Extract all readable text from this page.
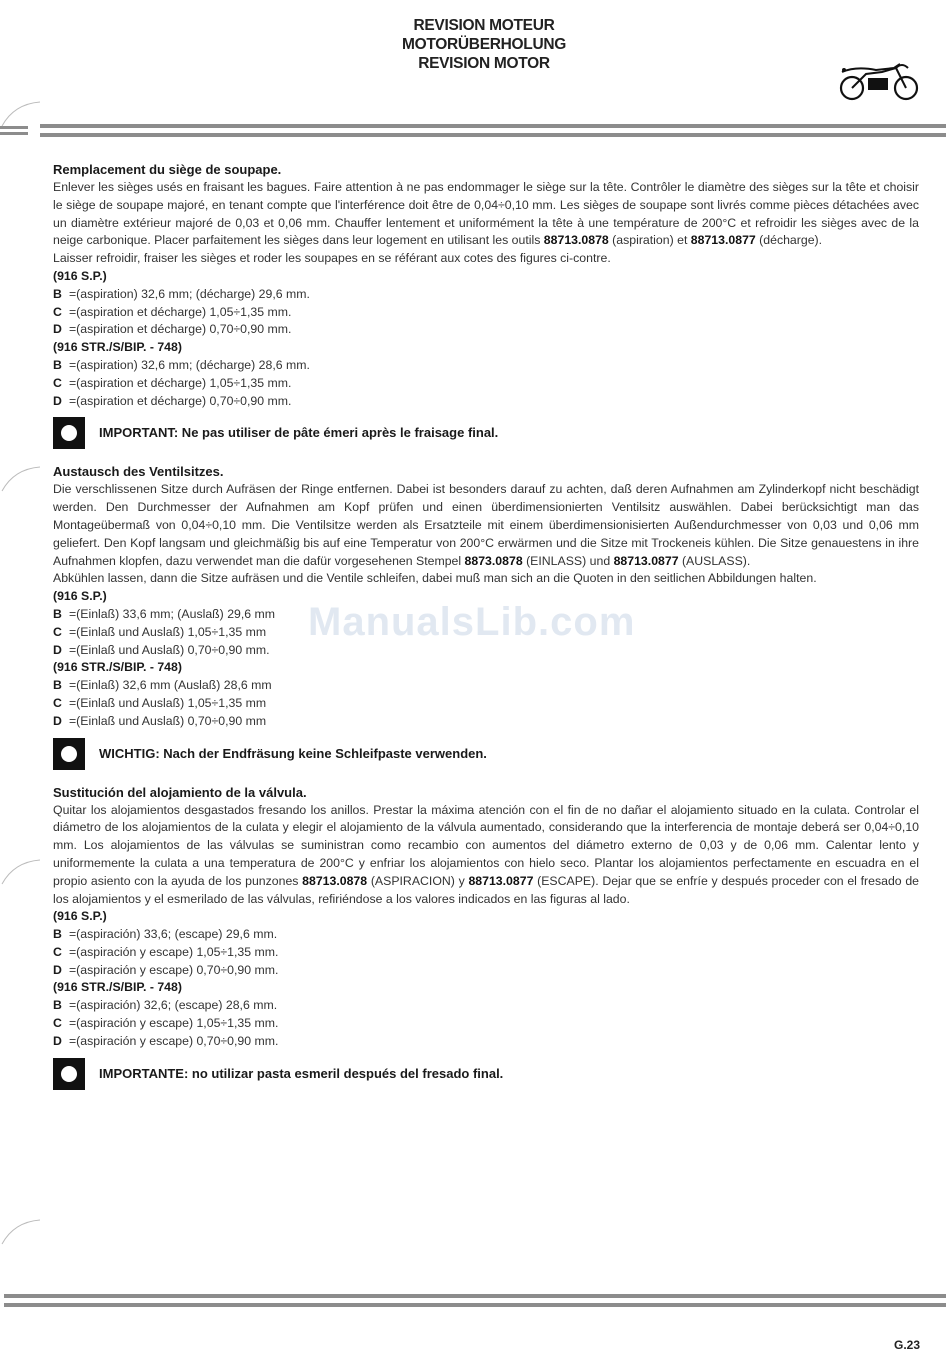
REVISION MOTEUR
MOTORÜBERHOLUNG
REVISION MOTOR
ManualsLib.com

Remplacement du siège de soupape.

Enlever les sièges usés en fraisant les bagues. Faire attention à ne pas endommager le siège sur la tête. Contrôler le diamètre des sièges sur la tête et choisir le siège de soupape majoré, en tenant compte que l'interférence doit être de 0,04÷0,10 mm. Les sièges de soupape sont livrés comme pièces détachées avec un diamètre extérieur majoré de 0,03 et 0,06 mm. Chauffer lentement et uniformément la tête à une température de 200°C et refroidir les sièges avec de la neige carbonique. Placer parfaitement les sièges dans leur logement en utilisant les outils 88713.0878 (aspiration) et 88713.0877 (décharge).

Laisser refroidir, fraiser les sièges et roder les soupapes en se référant aux cotes des figures ci-contre.

(916 S.P.)

B =(aspiration) 32,6 mm; (décharge) 29,6 mm.

C =(aspiration et décharge) 1,05÷1,35 mm.

D =(aspiration et décharge) 0,70÷0,90 mm.

(916 STR./S/BIP. - 748)

B =(aspiration) 32,6 mm; (décharge) 28,6 mm.

C =(aspiration et décharge) 1,05÷1,35 mm.

D =(aspiration et décharge) 0,70÷0,90 mm.

IMPORTANT: Ne pas utiliser de pâte émeri après le fraisage final.

Austausch des Ventilsitzes.

Die verschlissenen Sitze durch Aufräsen der Ringe entfernen. Dabei ist besonders darauf zu achten, daß deren Aufnahmen am Zylinderkopf nicht beschädigt werden. Den Durchmesser der Aufnahmen am Kopf prüfen und einen überdimensionierten Ventilsitz auswählen. Dabei berücksichtigt man das Montageübermaß von 0,04÷0,10 mm. Die Ventilsitze werden als Ersatzteile mit einem überdimensionisierten Außendurchmesser von 0,03 und 0,06 mm geliefert. Den Kopf langsam und gleichmäßig bis auf eine Temperatur von 200°C erwärmen und die Sitze mit Trockeneis kühlen. Die Sitze genauestens in ihre Aufnahmen klopfen, dazu verwendet man die dafür vorgesehenen Stempel 8873.0878 (EINLASS) und 88713.0877 (AUSLASS).

Abkühlen lassen, dann die Sitze aufräsen und die Ventile schleifen, dabei muß man sich an die Quoten in den seitlichen Abbildungen halten.

(916 S.P.)

B =(Einlaß) 33,6 mm; (Auslaß) 29,6 mm

C =(Einlaß und Auslaß) 1,05÷1,35 mm

D =(Einlaß und Auslaß) 0,70÷0,90 mm.

(916 STR./S/BIP. - 748)

B =(Einlaß) 32,6 mm (Auslaß) 28,6 mm

C =(Einlaß und Auslaß) 1,05÷1,35 mm

D =(Einlaß und Auslaß) 0,70÷0,90 mm

WICHTIG: Nach der Endfräsung keine Schleifpaste verwenden.

Sustitución del alojamiento de la válvula.

Quitar los alojamientos desgastados fresando los anillos. Prestar la máxima atención con el fin de no dañar el alojamiento situado en la culata. Controlar el diámetro de los alojamientos de la culata y elegir el alojamiento de la válvula aumentado, considerando que la interferencia de montaje deberá ser 0,04÷0,10 mm. Los alojamientos de las válvulas se suministran como recambio con aumentos del diámetro externo de 0,03 y de 0,06 mm. Calentar lento y uniformemente la culata a una temperatura de 200°C y enfriar los alojamientos con hielo seco. Plantar los alojamientos perfectamente en escuadra en el propio asiento con la ayuda de los punzones 88713.0878 (ASPIRACION) y 88713.0877 (ESCAPE). Dejar que se enfríe y después proceder con el fresado de los alojamientos y el esmerilado de las válvulas, refiriéndose a los valores indicados en las figuras al lado.

(916 S.P.)

B =(aspiración) 33,6; (escape) 29,6 mm.

C =(aspiración y escape) 1,05÷1,35 mm.

D =(aspiración y escape) 0,70÷0,90 mm.

(916 STR./S/BIP. - 748)

B =(aspiración) 32,6; (escape) 28,6 mm.

C =(aspiración y escape) 1,05÷1,35 mm.

D =(aspiración y escape) 0,70÷0,90 mm.

IMPORTANTE: no utilizar pasta esmeril después del fresado final.
G.23
